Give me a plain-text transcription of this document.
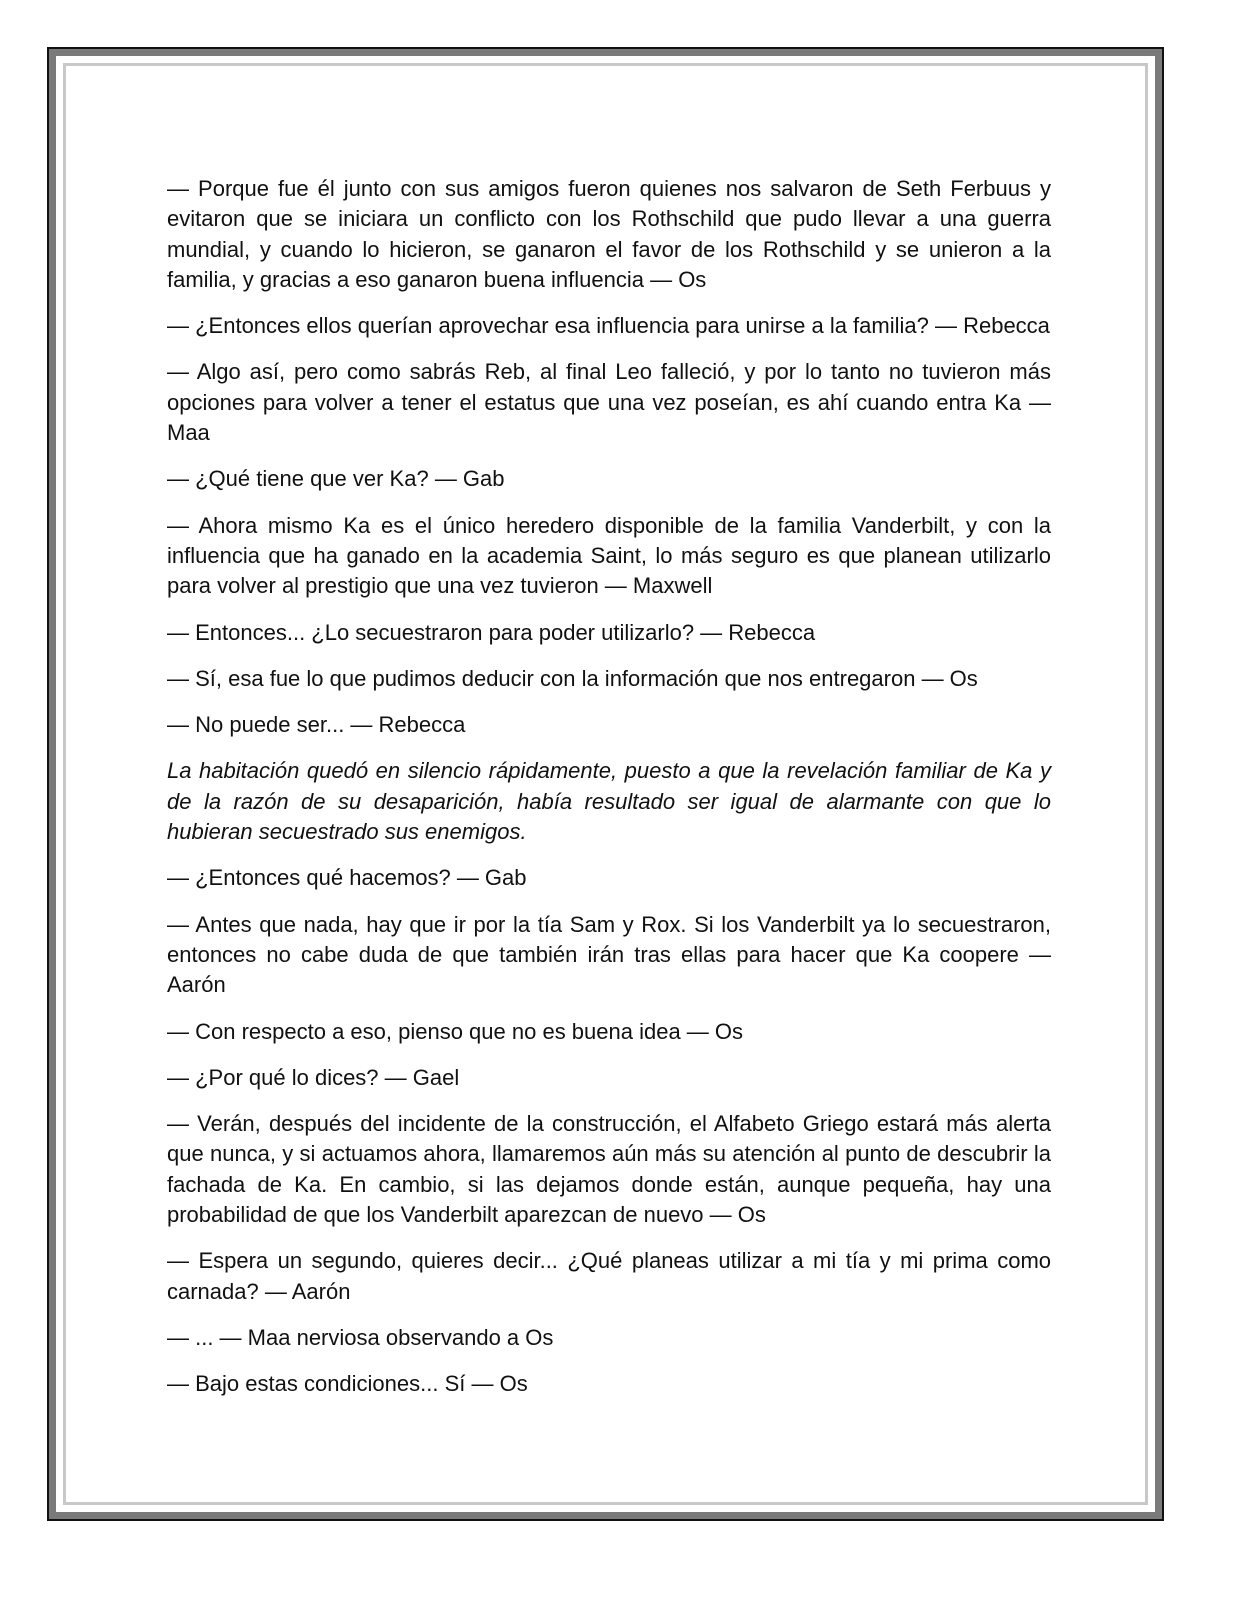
— Porque fue él junto con sus amigos fueron quienes nos salvaron de Seth Ferbuus y evitaron que se iniciara un conflicto con los Rothschild que pudo llevar a una guerra mundial, y cuando lo hicieron, se ganaron el favor de los Rothschild y se unieron a la familia, y gracias a eso ganaron buena influencia — Os

— ¿Entonces ellos querían aprovechar esa influencia para unirse a la familia? — Rebecca

— Algo así, pero como sabrás Reb, al final Leo falleció, y por lo tanto no tuvieron más opciones para volver a tener el estatus que una vez poseían, es ahí cuando entra Ka — Maa

— ¿Qué tiene que ver Ka? — Gab

— Ahora mismo Ka es el único heredero disponible de la familia Vanderbilt, y con la influencia que ha ganado en la academia Saint, lo más seguro es que planean utilizarlo para volver al prestigio que una vez tuvieron — Maxwell

— Entonces... ¿Lo secuestraron para poder utilizarlo? — Rebecca

— Sí, esa fue lo que pudimos deducir con la información que nos entregaron — Os

— No puede ser... — Rebecca

La habitación quedó en silencio rápidamente, puesto a que la revelación familiar de Ka y de la razón de su desaparición, había resultado ser igual de alarmante con que lo hubieran secuestrado sus enemigos.

— ¿Entonces qué hacemos? — Gab

— Antes que nada, hay que ir por la tía Sam y Rox. Si los Vanderbilt ya lo secuestraron, entonces no cabe duda de que también irán tras ellas para hacer que Ka coopere — Aarón

— Con respecto a eso, pienso que no es buena idea — Os

— ¿Por qué lo dices? — Gael

— Verán, después del incidente de la construcción, el Alfabeto Griego estará más alerta que nunca, y si actuamos ahora, llamaremos aún más su atención al punto de descubrir la fachada de Ka. En cambio, si las dejamos donde están, aunque pequeña, hay una probabilidad de que los Vanderbilt aparezcan de nuevo — Os

— Espera un segundo, quieres decir... ¿Qué planeas utilizar a mi tía y mi prima como carnada? — Aarón

— ... — Maa nerviosa observando a Os

— Bajo estas condiciones... Sí — Os
